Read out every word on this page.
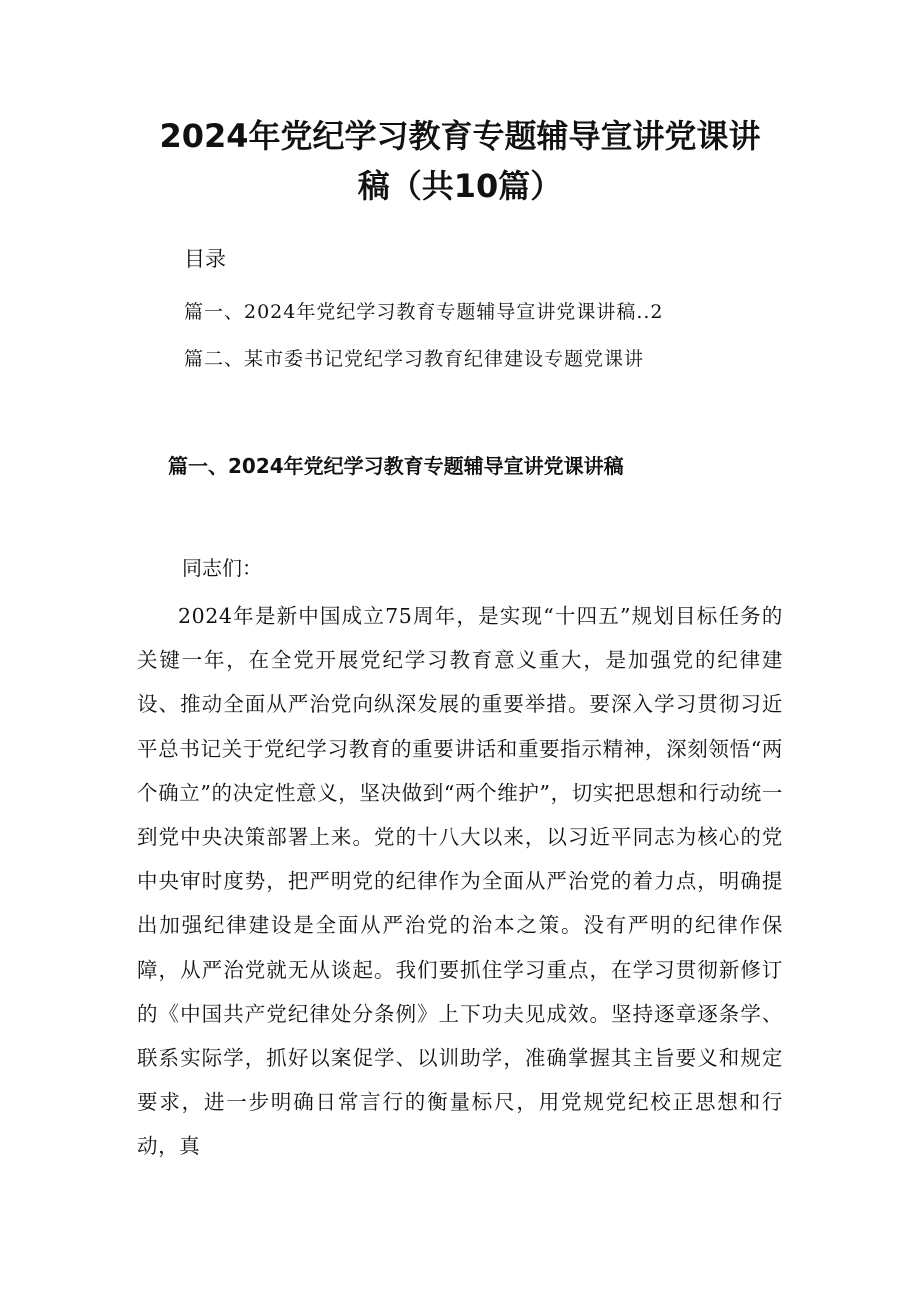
2024年党纪学习教育专题辅导宣讲党课讲
稿（共10篇）
目录
篇一、2024年党纪学习教育专题辅导宣讲党课讲稿..2
篇二、某市委书记党纪学习教育纪律建设专题党课讲
篇一、2024年党纪学习教育专题辅导宣讲党课讲稿
同志们：

2024年是新中国成立75周年，是实现“十四五”规划目标任务的关键一年，在全党开展党纪学习教育意义重大，是加强党的纪律建设、推动全面从严治党向纵深发展的重要举措。要深入学习贯彻习近平总书记关于党纪学习教育的重要讲话和重要指示精神，深刻领悟“两个确立”的决定性意义，坚决做到“两个维护”，切实把思想和行动统一到党中央决策部署上来。党的十八大以来，以习近平同志为核心的党中央审时度势，把严明党的纪律作为全面从严治党的着力点，明确提出加强纪律建设是全面从严治党的治本之策。没有严明的纪律作保障，从严治党就无从谈起。我们要抓住学习重点，在学习贯彻新修订的《中国共产党纪律处分条例》上下功夫见成效。坚持逐章逐条学、联系实际学，抓好以案促学、以训助学，准确掌握其主旨要义和规定要求，进一步明确日常言行的衡量标尺，用党规党纪校正思想和行动，真
